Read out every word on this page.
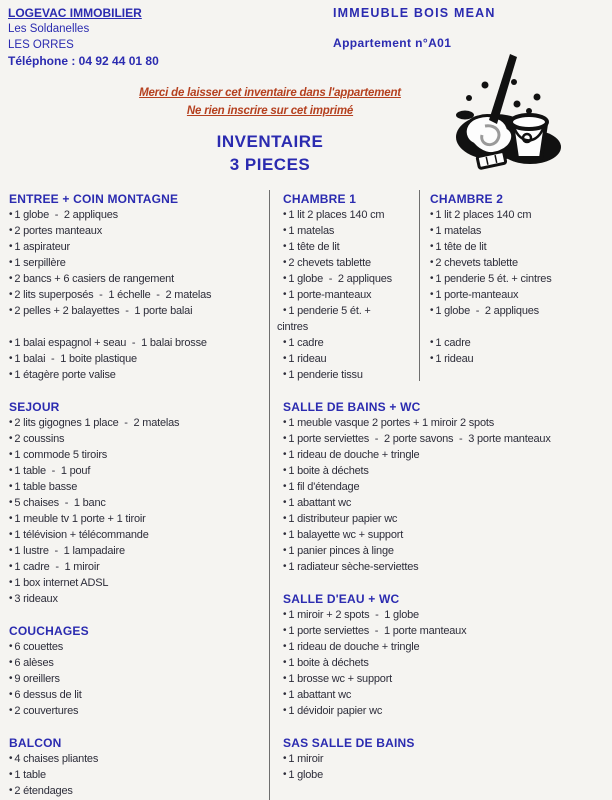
LOGEVAC IMMOBILIER
Les Soldanelles
LES ORRES
Téléphone : 04 92 44 01 80
IMMEUBLE BOIS MEAN
Appartement n°A01
Merci de laisser cet inventaire dans l'appartement
Ne rien inscrire sur cet imprimé
INVENTAIRE
3 PIECES
ENTREE + COIN MONTAGNE
• 1 globe  -  2 appliques
• 2 portes manteaux
• 1 aspirateur
• 1 serpillère
• 2 bancs + 6 casiers de rangement
• 2 lits superposés  -  1 échelle  -  2 matelas
• 2 pelles + 2 balayettes  -  1 porte balai
• 1 balai espagnol + seau  -  1 balai brosse
• 1 balai  -  1 boite plastique
• 1 étagère porte valise
SEJOUR
• 2 lits gigognes 1 place  -  2 matelas
• 2 coussins
• 1 commode 5 tiroirs
• 1 table  -  1 pouf
• 1 table basse
• 5 chaises  -  1 banc
• 1 meuble tv 1 porte + 1 tiroir
• 1 télévision + télécommande
• 1 lustre  -  1 lampadaire
• 1 cadre  -  1 miroir
• 1 box internet ADSL
• 3 rideaux
COUCHAGES
• 6 couettes
• 6 alèses
• 9 oreillers
• 6 dessus de lit
• 2 couvertures
BALCON
• 4 chaises pliantes
• 1 table
• 2 étendages
CHAMBRE 1
• 1 lit 2 places 140 cm
• 1 matelas
• 1 tête de lit
• 2 chevets tablette
• 1 globe  -  2 appliques
• 1 porte-manteaux
• 1 penderie 5 ét. +
cintres
• 1 cadre
• 1 rideau
• 1 penderie tissu
SALLE DE BAINS + WC
• 1 meuble vasque 2 portes + 1 miroir 2 spots
• 1 porte serviettes  -  2 porte savons  -  3 porte manteaux
• 1 rideau de douche + tringle
• 1 boite à déchets
• 1 fil d'étendage
• 1 abattant wc
• 1 distributeur papier wc
• 1 balayette wc + support
• 1 panier pinces à linge
• 1 radiateur sèche-serviettes
SALLE D'EAU + WC
• 1 miroir + 2 spots  -  1 globe
• 1 porte serviettes  -  1 porte manteaux
• 1 rideau de douche + tringle
• 1 boite à déchets
• 1 brosse wc + support
• 1 abattant wc
• 1 dévidoir papier wc
SAS SALLE DE BAINS
• 1 miroir
• 1 globe
CHAMBRE 2
• 1 lit 2 places 140 cm
• 1 matelas
• 1 tête de lit
• 2 chevets tablette
• 1 penderie 5 ét. + cintres
• 1 porte-manteaux
• 1 globe  -  2 appliques
• 1 cadre
• 1 rideau
